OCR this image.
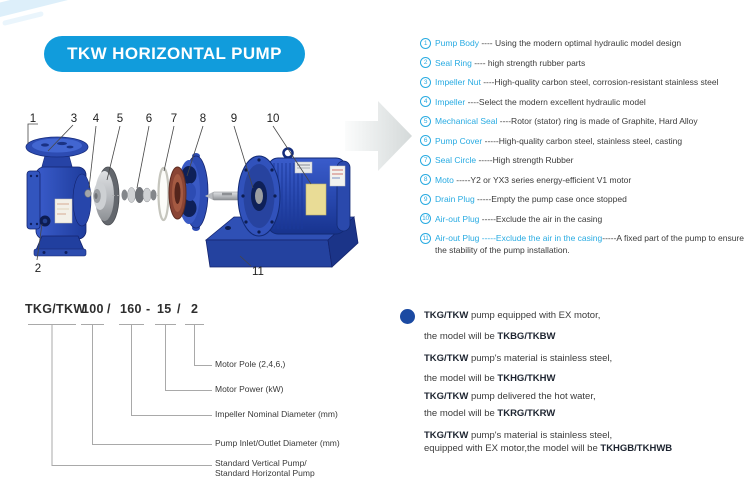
TKW HORIZONTAL PUMP
1	3 4 5 6 7 8 9	10
2	11
1 Pump Body ---- Using the modern optimal hydraulic model design
2 Seal Ring ---- high strength rubber parts
3 Impeller Nut ----High-quality carbon steel, corrosion-resistant stainless steel
4 Impeller ----Select the modern excellent hydraulic model
5 Mechanical Seal ----Rotor (stator) ring is made of Graphite, Hard Alloy
6 Pump Cover -----High-quality carbon steel, stainless steel, casting
7 Seal Circle -----High strength Rubber
8 Moto -----Y2 or YX3 series energy-efficient V1 motor
9 Drain Plug -----Empty the pump case once stopped
10 Air-out Plug -----Exclude the air in the casing
11 Air-out Plug -----Exclude the air in the casing-----A fixed part of the pump to ensure the stability of the pump installation.
TKG/TKW
100 / 160 - 15 / 2
Motor Pole (2,4,6,)
Motor Power (kW)
Impeller Nominal Diameter (mm)
Pump Inlet/Outlet Diameter (mm)
Standard Vertical Pump/
Standard Horizontal Pump
TKG/TKW pump equipped with EX motor,
the model will be TKBG/TKBW
TKG/TKW pump's material is stainless steel,
the model will be TKHG/TKHW
TKG/TKW pump delivered the hot water,
the model will be TKRG/TKRW
TKG/TKW pump's material is stainless steel,
equipped with EX motor,the model will be TKHGB/TKHWB
